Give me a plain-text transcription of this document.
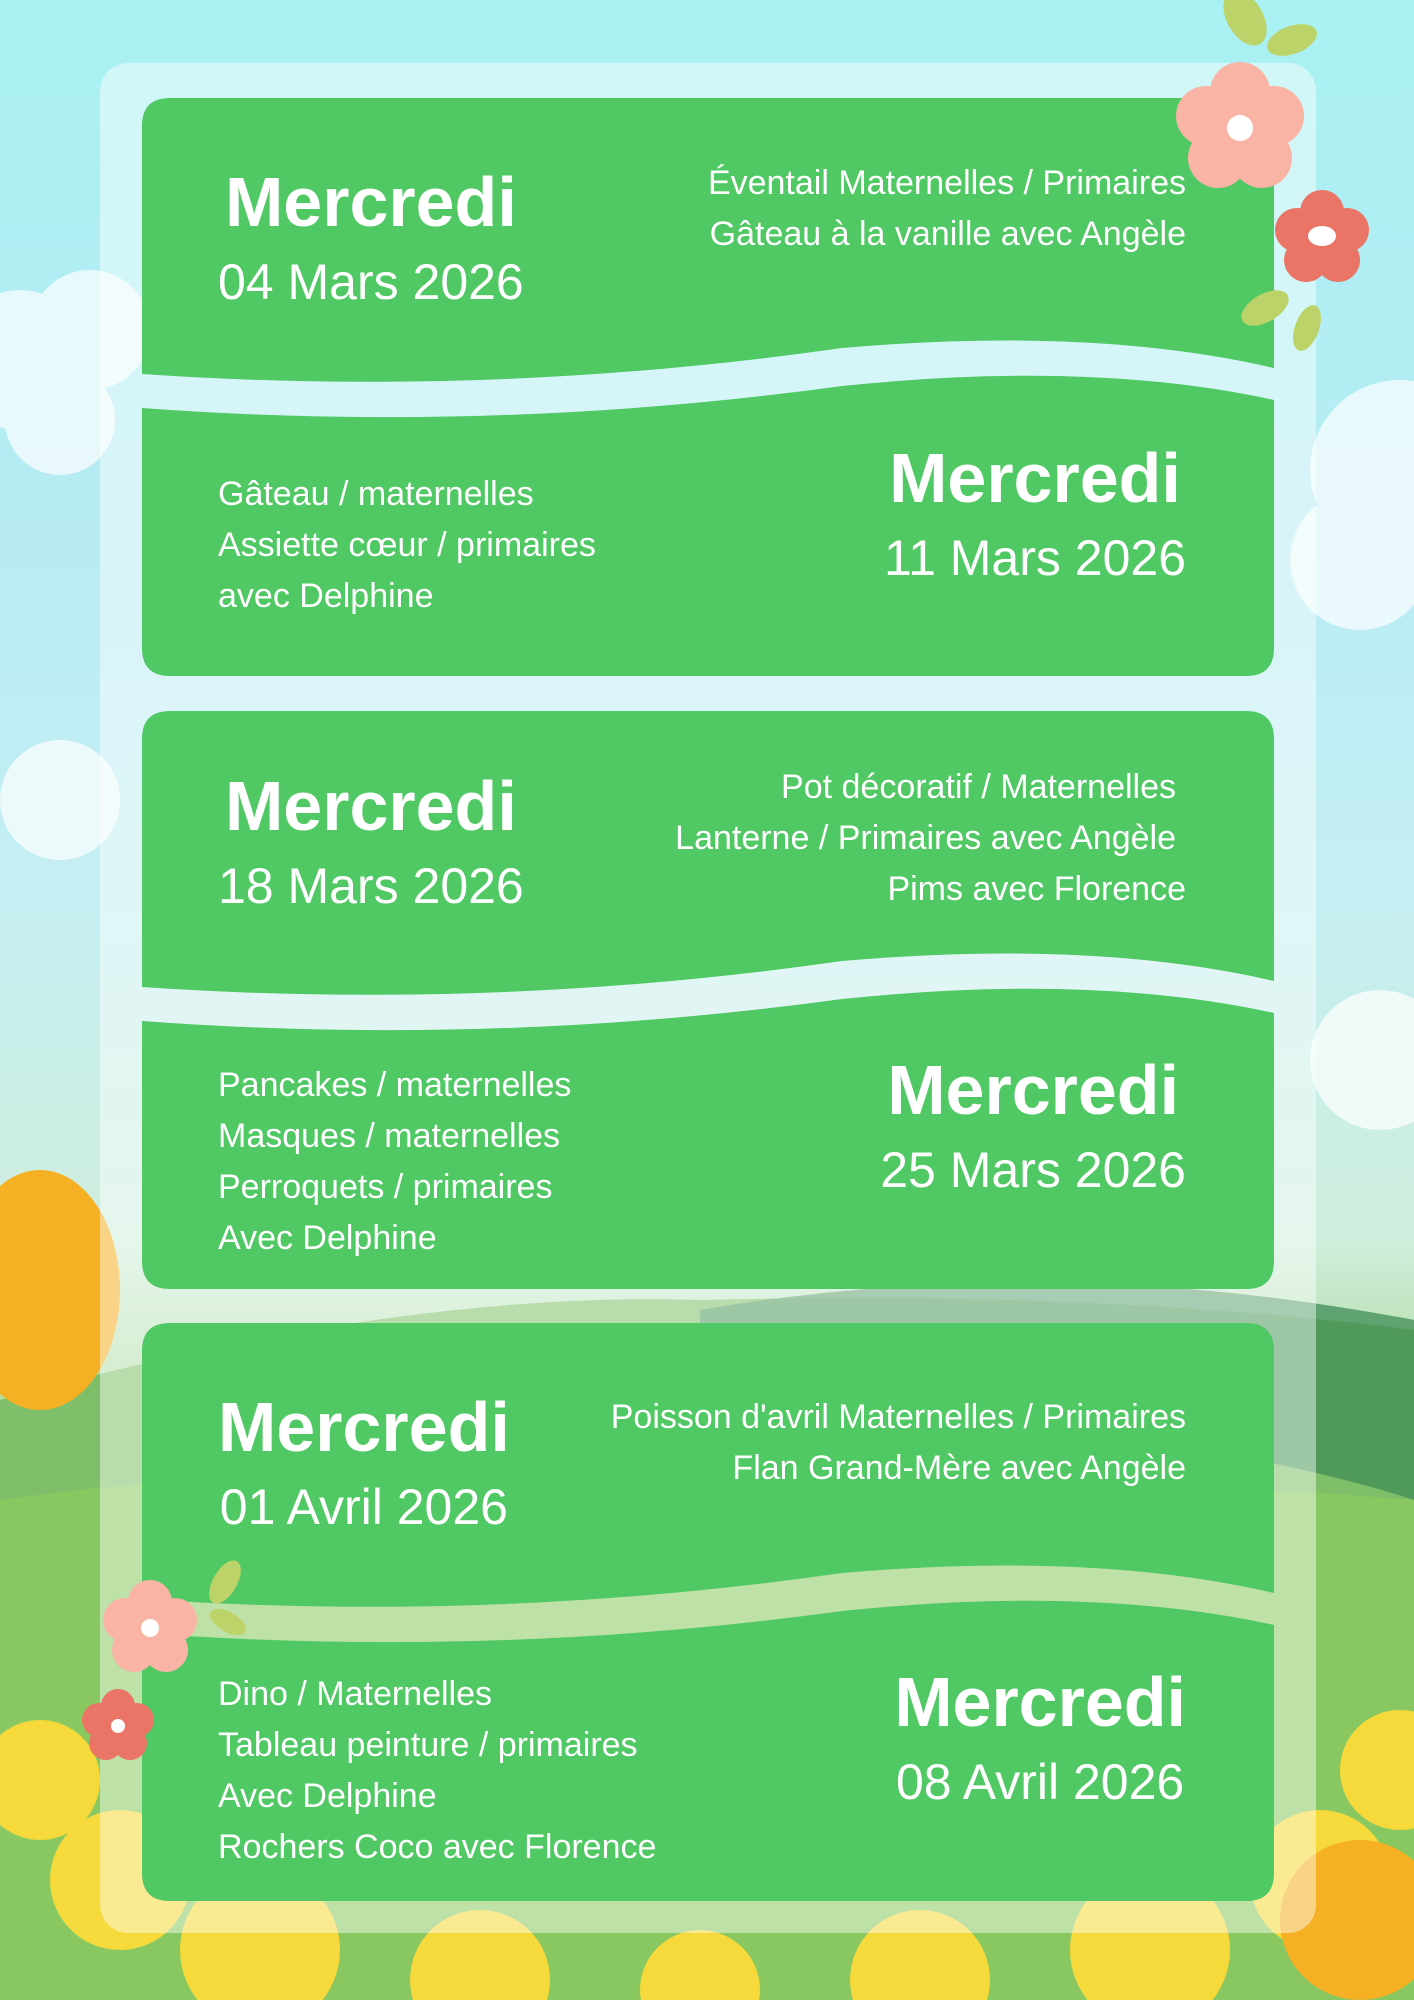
Mercredi
04 Mars 2026
Éventail Maternelles / Primaires
Gâteau à la vanille avec Angèle
Mercredi
11 Mars 2026
Gâteau / maternelles
Assiette cœur / primaires
avec Delphine
Mercredi
18 Mars 2026
Pot décoratif / Maternelles
Lanterne / Primaires avec Angèle
Pims avec Florence
Mercredi
25 Mars 2026
Pancakes / maternelles
Masques / maternelles
Perroquets / primaires
Avec Delphine
Mercredi
01 Avril 2026
Poisson d'avril Maternelles / Primaires
Flan Grand-Mère avec Angèle
Mercredi
08 Avril 2026
Dino / Maternelles
Tableau peinture / primaires
Avec Delphine
Rochers Coco avec Florence
